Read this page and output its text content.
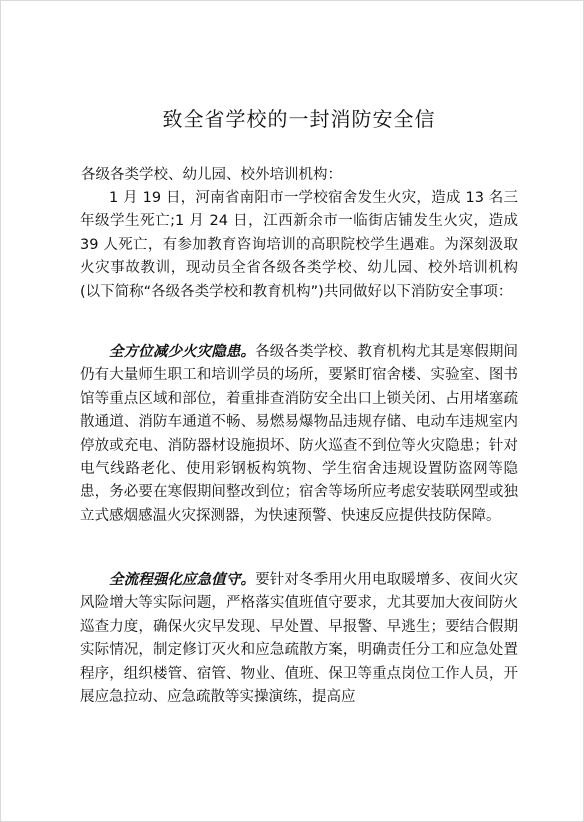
致全省学校的一封消防安全信

各级各类学校、幼儿园、校外培训机构：

1 月 19 日，河南省南阳市一学校宿舍发生火灾，造成 13 名三年级学生死亡;1 月 24 日，江西新余市一临街店铺发生火灾，造成 39 人死亡，有参加教育咨询培训的高职院校学生遇难。为深刻汲取火灾事故教训，现动员全省各级各类学校、幼儿园、校外培训机构(以下简称“各级各类学校和教育机构”)共同做好以下消防安全事项：

全方位减少火灾隐患。各级各类学校、教育机构尤其是寒假期间仍有大量师生职工和培训学员的场所，要紧盯宿舍楼、实验室、图书馆等重点区域和部位，着重排查消防安全出口上锁关闭、占用堵塞疏散通道、消防车通道不畅、易燃易爆物品违规存储、电动车违规室内停放或充电、消防器材设施损坏、防火巡查不到位等火灾隐患；针对电气线路老化、使用彩钢板构筑物、学生宿舍违规设置防盗网等隐患，务必要在寒假期间整改到位；宿舍等场所应考虑安装联网型或独立式感烟感温火灾探测器，为快速预警、快速反应提供技防保障。

全流程强化应急值守。要针对冬季用火用电取暖增多、夜间火灾风险增大等实际问题，严格落实值班值守要求，尤其要加大夜间防火巡查力度，确保火灾早发现、早处置、早报警、早逃生；要结合假期实际情况，制定修订灭火和应急疏散方案，明确责任分工和应急处置程序，组织楼管、宿管、物业、值班、保卫等重点岗位工作人员，开展应急拉动、应急疏散等实操演练，提高应
